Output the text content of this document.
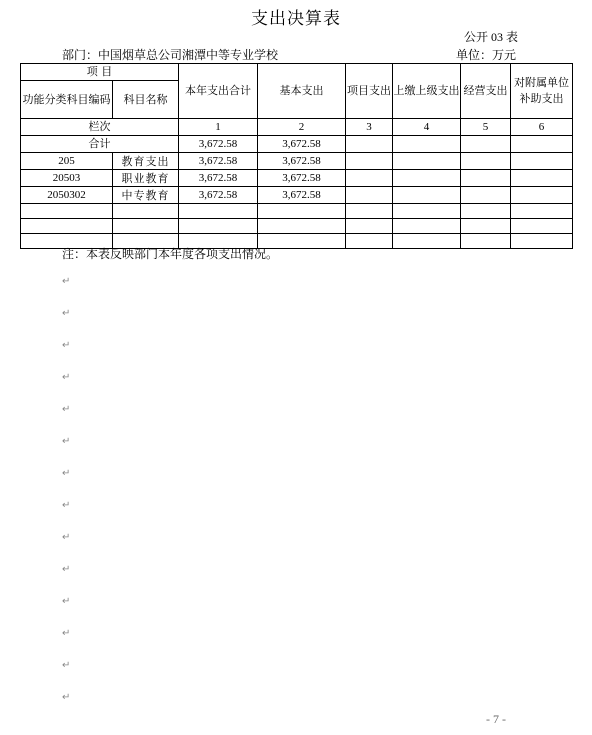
支出决算表
公开 03 表
部门：中国烟草总公司湘潭中等专业学校	单位：万元
项 目		本年支出合计	基本支出	项目支出	上缴上级支出	经营支出	对附属单位补助支出
功能分类科目编码	科目名称						
栏次		1	2	3	4	5	6
合计		3,672.58	3,672.58				
205	教育支出	3,672.58	3,672.58				
20503	职业教育	3,672.58	3,672.58				
2050302	中专教育	3,672.58	3,672.58				

注：本表反映部门本年度各项支出情况。
↵
↵
↵
↵
↵
↵
↵
↵
↵
↵
↵
↵
↵
↵
- 7 -
